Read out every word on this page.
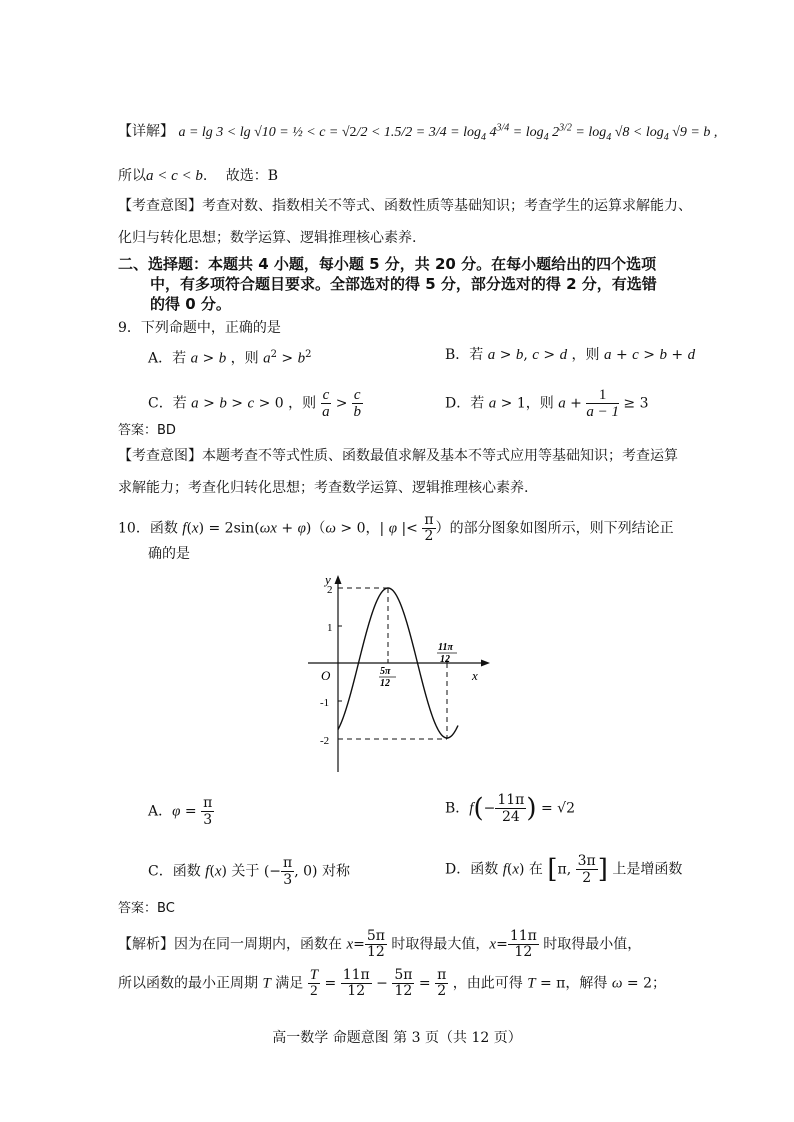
【详解】 a = lg 3 < lg √10 = ½ < $c = √2/2 < 1.5/2 = 3/4 = \log_4 4^{3/4} = \log_4 2^{3/2} = \log_4 √8 < \log_4 √9 = b$ ,
所以a < c < b.　 故选：B
【考查意图】考查对数、指数相关不等式、函数性质等基础知识；考查学生的运算求解能力、
化归与转化思想；数学运算、逻辑推理核心素养.
二、选择题：本题共 4 小题，每小题 5 分，共 20 分。在每小题给出的四个选项
中，有多项符合题目要求。全部选对的得 5 分，部分选对的得 2 分，有选错
的得 0 分。
9．下列命题中，正确的是
A．若 a > b ，则 $a^2 > b^2$	B．若 a > b, c > d ，则 a + c > b + d
C．若 a > b > c > 0 ，则 $\frac{c}{a} > \frac{c}{b}$	D．若 a > 1，则 $a + \frac{1}{a - 1} \ge 3$
答案：BD
【考查意图】本题考查不等式性质、函数最值求解及基本不等式应用等基础知识；考查运算
求解能力；考查化归转化思想；考查数学运算、逻辑推理核心素养.
10．函数 f(x) = 2sin(ωx + φ)（ω > 0，| φ |< $\frac{\pi}{2}$ ）的部分图象如图所示，则下列结论正
确的是
y
x
O
2
1
-1
-2
5π
12
11π
12
A．$\varphi = \frac{\pi}{3}$	B．$f(- \frac{11\pi}{24}$ ) = √2
C．函数 f(x) 关于 (− $\frac{\pi}{3}$ , 0) 对称	D．函数 f(x) 在 [π, $\frac{3\pi}{2}$ ] 上是增函数
答案：BC
【解析】因为在同一周期内，函数在 $x= \frac{5\pi}{12}$ 时取得最大值，$x= \frac{11\pi}{12}$ 时取得最小值，
所以函数的最小正周期 T 满足 $\frac{T}{2} = \frac{11\pi}{12} - \frac{5\pi}{12} = \frac{\pi}{2}$ ，由此可得 T = π，解得 ω = 2；
高一数学 命题意图 第 3 页（共 12 页）
